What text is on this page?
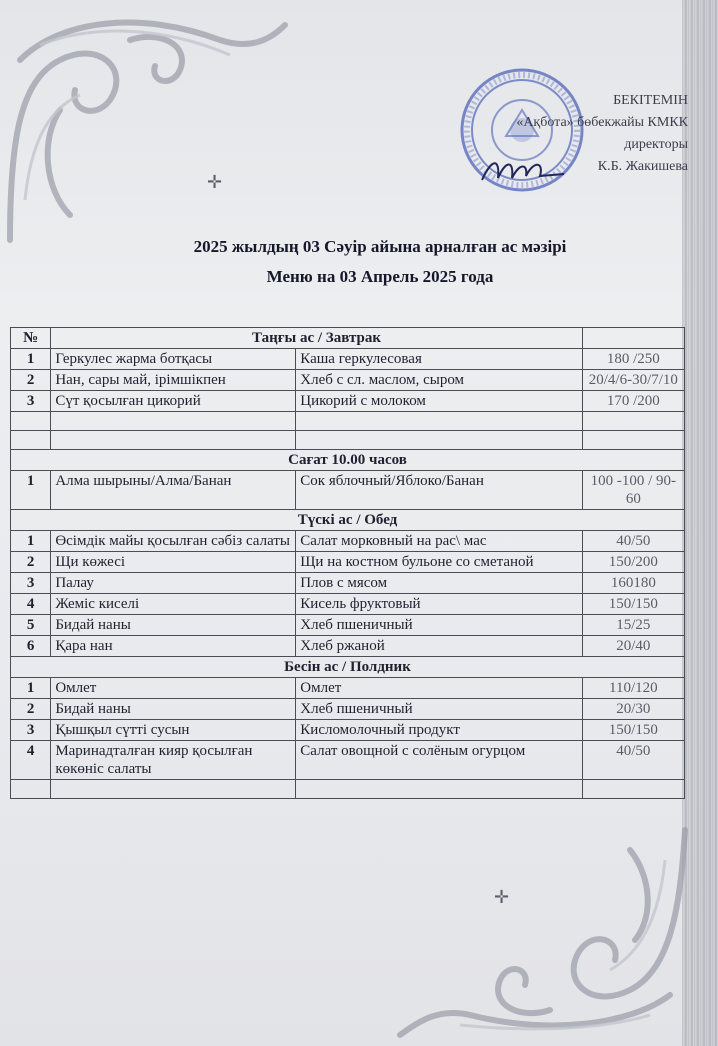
✛
✛
БЕКІТЕМІН
«Ақбота» бөбекжайы КМКК
директоры
К.Б. Жакишева
2025 жылдың 03 Сәуір айына арналған ас мәзірі
Меню на 03 Апрель 2025 года
№	Таңғы ас / Завтрак		
1	Геркулес жарма ботқасы	Каша геркулесовая	180 /250
2	Нан, сары май, ірімшікпен	Хлеб с сл. маслом, сыром	20/4/6-30/7/10
3	Сүт қосылған цикорий	Цикорий с молоком	170 /200

Сағат 10.00 часов			
1	Алма шырыны/Алма/Банан	Сок яблочный/Яблоко/Банан	100 -100 / 90-60
Түскі ас / Обед			
1	Өсімдік майы қосылған сәбіз салаты	Салат морковный на рас\ мас	40/50
2	Щи көжесі	Щи на костном бульоне со сметаной	150/200
3	Палау	Плов с мясом	160180
4	Жеміс киселі	Кисель фруктовый	150/150
5	Бидай наны	Хлеб пшеничный	15/25
6	Қара нан	Хлеб ржаной	20/40
Бесін ас / Полдник			
1	Омлет	Омлет	110/120
2	Бидай наны	Хлеб пшеничный	20/30
3	Қышқыл сүтті сусын	Кисломолочный продукт	150/150
4	Маринадталған кияр қосылған көкөніс салаты	Салат овощной с солёным огурцом	40/50
